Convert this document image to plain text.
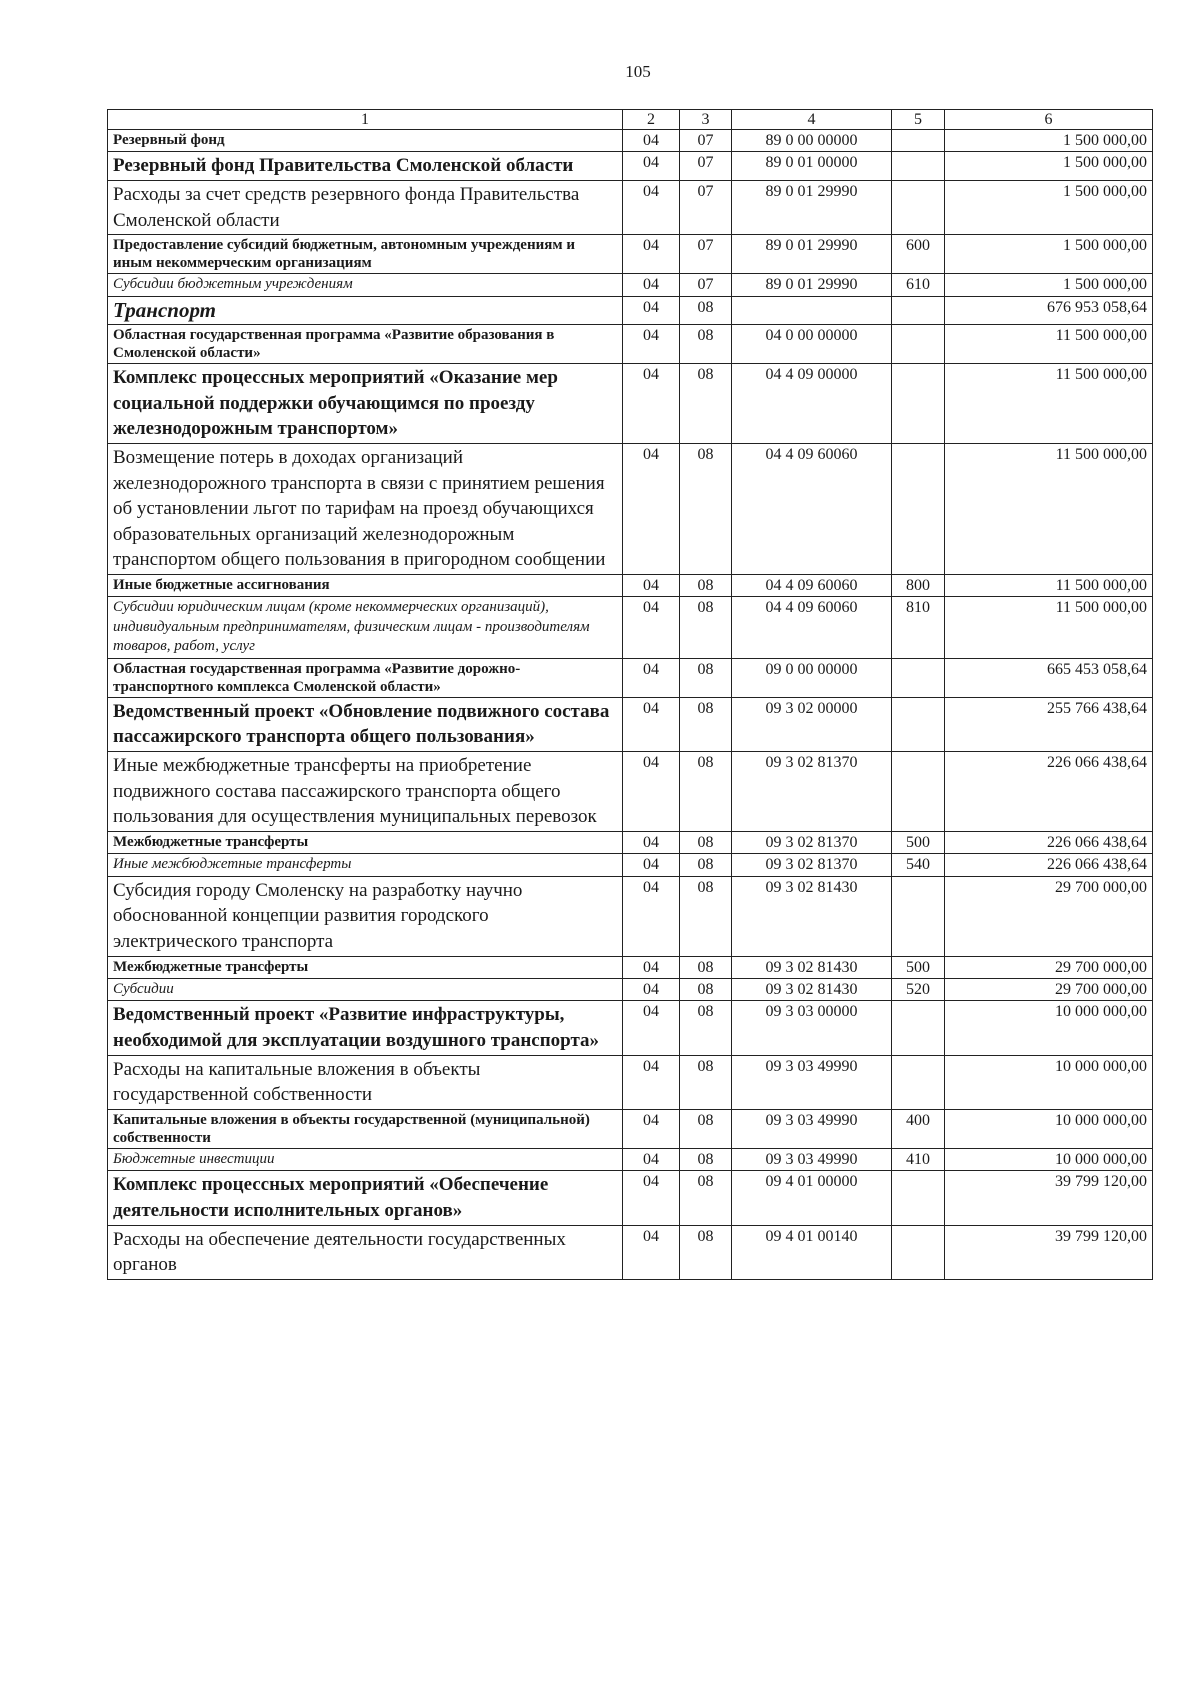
105
1	2	3	4	5	6
Резервный фонд	04	07	89 0 00 00000		1 500 000,00
Резервный фонд Правительства Смоленской области	04	07	89 0 01 00000		1 500 000,00
Расходы за счет средств резервного фонда Правительства Смоленской области	04	07	89 0 01 29990		1 500 000,00
Предоставление субсидий бюджетным, автономным учреждениям и иным некоммерческим организациям	04	07	89 0 01 29990	600	1 500 000,00
Субсидии бюджетным учреждениям	04	07	89 0 01 29990	610	1 500 000,00
Транспорт	04	08			676 953 058,64
Областная государственная программа «Развитие образования в Смоленской области»	04	08	04 0 00 00000		11 500 000,00
Комплекс процессных мероприятий «Оказание мер социальной поддержки обучающимся по проезду железнодорожным транспортом»	04	08	04 4 09 00000		11 500 000,00
Возмещение потерь в доходах организаций железнодорожного транспорта в связи с принятием решения об установлении льгот по тарифам на проезд обучающихся образовательных организаций железнодорожным транспортом общего пользования в пригородном сообщении	04	08	04 4 09 60060		11 500 000,00
Иные бюджетные ассигнования	04	08	04 4 09 60060	800	11 500 000,00
Субсидии юридическим лицам (кроме некоммерческих организаций), индивидуальным предпринимателям, физическим лицам - производителям товаров, работ, услуг	04	08	04 4 09 60060	810	11 500 000,00
Областная государственная программа «Развитие дорожно-транспортного комплекса Смоленской области»	04	08	09 0 00 00000		665 453 058,64
Ведомственный проект «Обновление подвижного состава пассажирского транспорта общего пользования»	04	08	09 3 02 00000		255 766 438,64
Иные межбюджетные трансферты на приобретение подвижного состава пассажирского транспорта общего пользования для осуществления муниципальных перевозок	04	08	09 3 02 81370		226 066 438,64
Межбюджетные трансферты	04	08	09 3 02 81370	500	226 066 438,64
Иные межбюджетные трансферты	04	08	09 3 02 81370	540	226 066 438,64
Субсидия городу Смоленску на разработку научно обоснованной концепции развития городского электрического транспорта	04	08	09 3 02 81430		29 700 000,00
Межбюджетные трансферты	04	08	09 3 02 81430	500	29 700 000,00
Субсидии	04	08	09 3 02 81430	520	29 700 000,00
Ведомственный проект «Развитие инфраструктуры, необходимой для эксплуатации воздушного транспорта»	04	08	09 3 03 00000		10 000 000,00
Расходы на капитальные вложения в объекты государственной собственности	04	08	09 3 03 49990		10 000 000,00
Капитальные вложения в объекты государственной (муниципальной) собственности	04	08	09 3 03 49990	400	10 000 000,00
Бюджетные инвестиции	04	08	09 3 03 49990	410	10 000 000,00
Комплекс процессных мероприятий «Обеспечение деятельности исполнительных органов»	04	08	09 4 01 00000		39 799 120,00
Расходы на обеспечение деятельности государственных органов	04	08	09 4 01 00140		39 799 120,00
